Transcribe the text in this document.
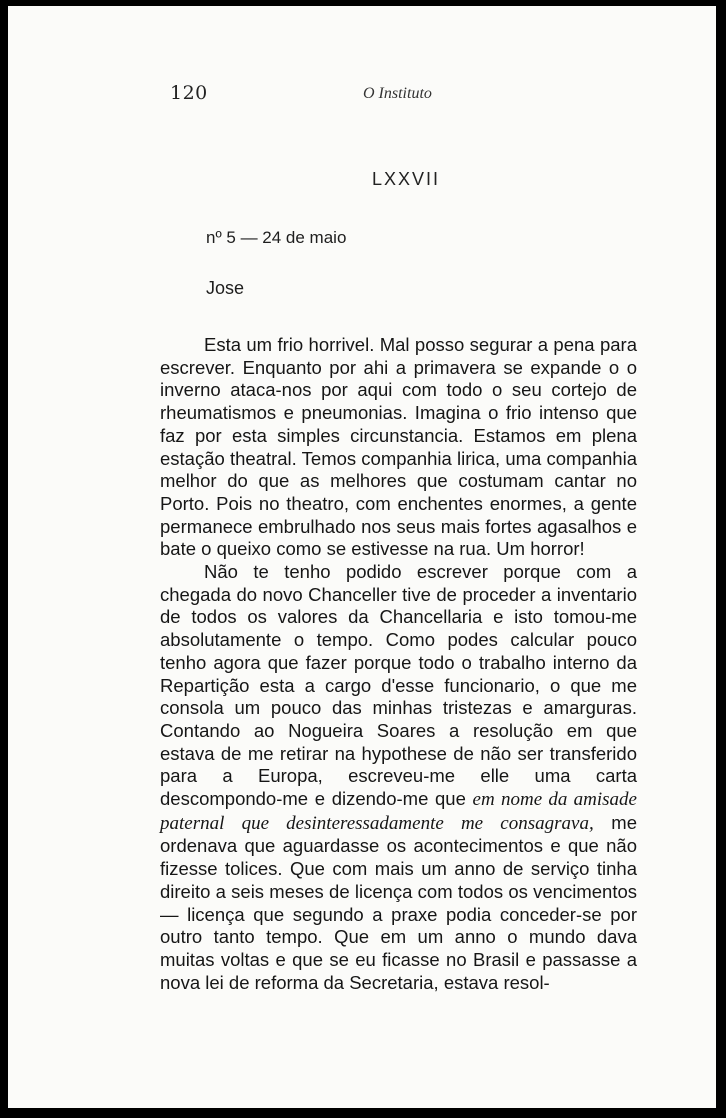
120	O Instituto
LXXVII
nº 5 — 24 de maio
Jose

Esta um frio horrivel. Mal posso segurar a pena para escrever. Enquanto por ahi a primavera se expande o o inverno ataca-nos por aqui com todo o seu cortejo de rheumatismos e pneumonias. Imagina o frio intenso que faz por esta simples circunstancia. Estamos em plena estação theatral. Temos companhia lirica, uma companhia melhor do que as melhores que costumam cantar no Porto. Pois no theatro, com enchentes enormes, a gente permanece embrulhado nos seus mais fortes agasalhos e bate o queixo como se estivesse na rua. Um horror!

Não te tenho podido escrever porque com a chegada do novo Chanceller tive de proceder a inventario de todos os valores da Chancellaria e isto tomou-me absolutamente o tempo. Como podes calcular pouco tenho agora que fazer porque todo o trabalho interno da Repartição esta a cargo d'esse funcionario, o que me consola um pouco das minhas tristezas e amarguras. Contando ao Nogueira Soares a resolução em que estava de me retirar na hypothese de não ser transferido para a Europa, escreveu-me elle uma carta descompondo-me e dizendo-me que em nome da amisade paternal que desinteressadamente me consagrava, me ordenava que aguardasse os acontecimentos e que não fizesse tolices. Que com mais um anno de serviço tinha direito a seis meses de licença com todos os vencimentos — licença que segundo a praxe podia conceder-se por outro tanto tempo. Que em um anno o mundo dava muitas voltas e que se eu ficasse no Brasil e passasse a nova lei de reforma da Secretaria, estava resol-
